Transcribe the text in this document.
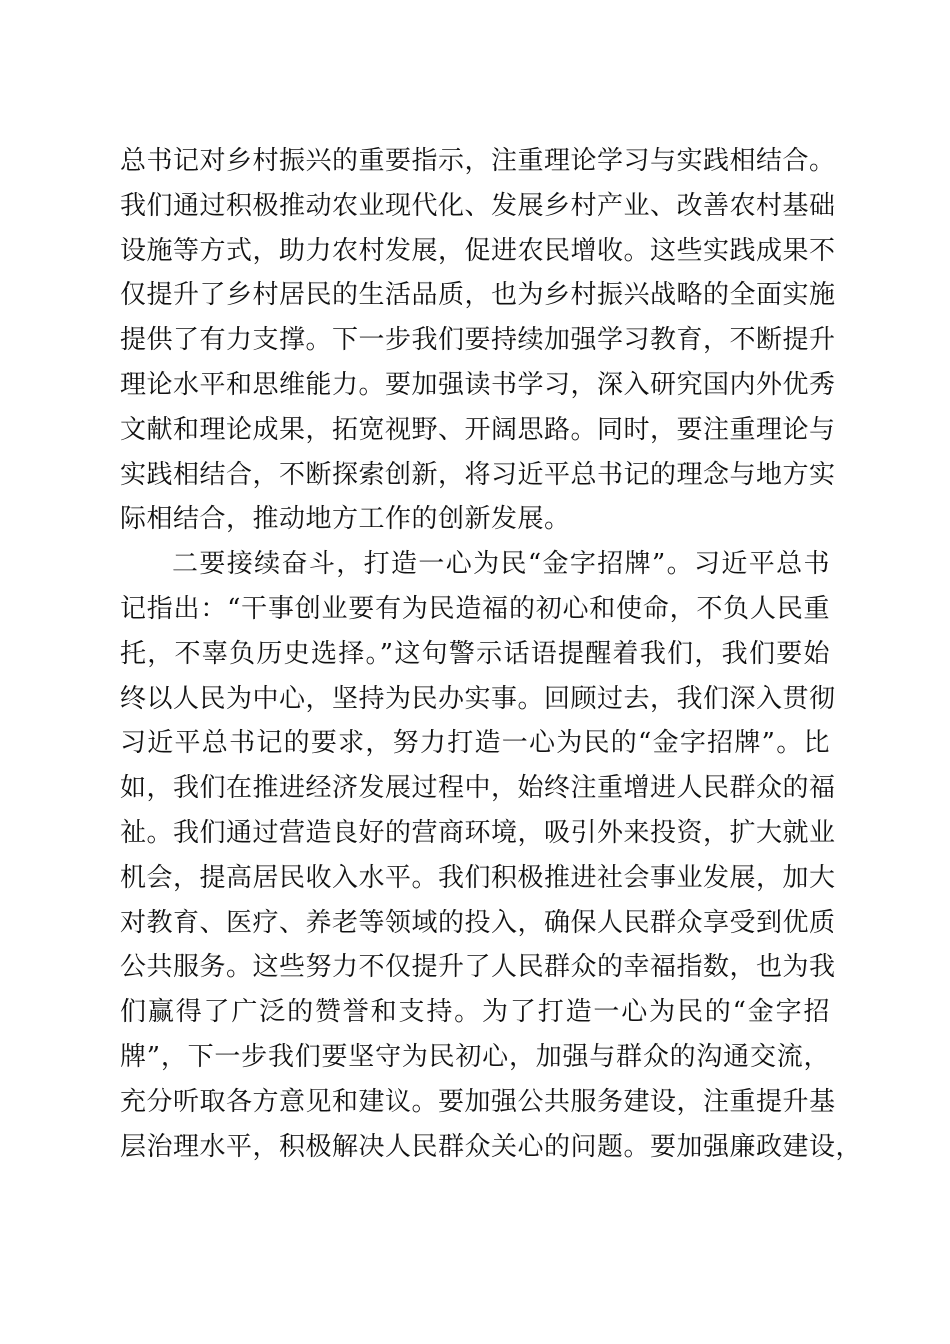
总书记对乡村振兴的重要指示，注重理论学习与实践相结合。
我们通过积极推动农业现代化、发展乡村产业、改善农村基础
设施等方式，助力农村发展，促进农民增收。这些实践成果不
仅提升了乡村居民的生活品质，也为乡村振兴战略的全面实施
提供了有力支撑。下一步我们要持续加强学习教育，不断提升
理论水平和思维能力。要加强读书学习，深入研究国内外优秀
文献和理论成果，拓宽视野、开阔思路。同时，要注重理论与
实践相结合，不断探索创新，将习近平总书记的理念与地方实
际相结合，推动地方工作的创新发展。
二要接续奋斗，打造一心为民“金字招牌”。习近平总书
记指出：“干事创业要有为民造福的初心和使命，不负人民重
托，不辜负历史选择。”这句警示话语提醒着我们，我们要始
终以人民为中心，坚持为民办实事。回顾过去，我们深入贯彻
习近平总书记的要求，努力打造一心为民的“金字招牌”。比
如，我们在推进经济发展过程中，始终注重增进人民群众的福
祉。我们通过营造良好的营商环境，吸引外来投资，扩大就业
机会，提高居民收入水平。我们积极推进社会事业发展，加大
对教育、医疗、养老等领域的投入，确保人民群众享受到优质
公共服务。这些努力不仅提升了人民群众的幸福指数，也为我
们赢得了广泛的赞誉和支持。为了打造一心为民的“金字招
牌”，下一步我们要坚守为民初心，加强与群众的沟通交流，
充分听取各方意见和建议。要加强公共服务建设，注重提升基
层治理水平，积极解决人民群众关心的问题。要加强廉政建设，
